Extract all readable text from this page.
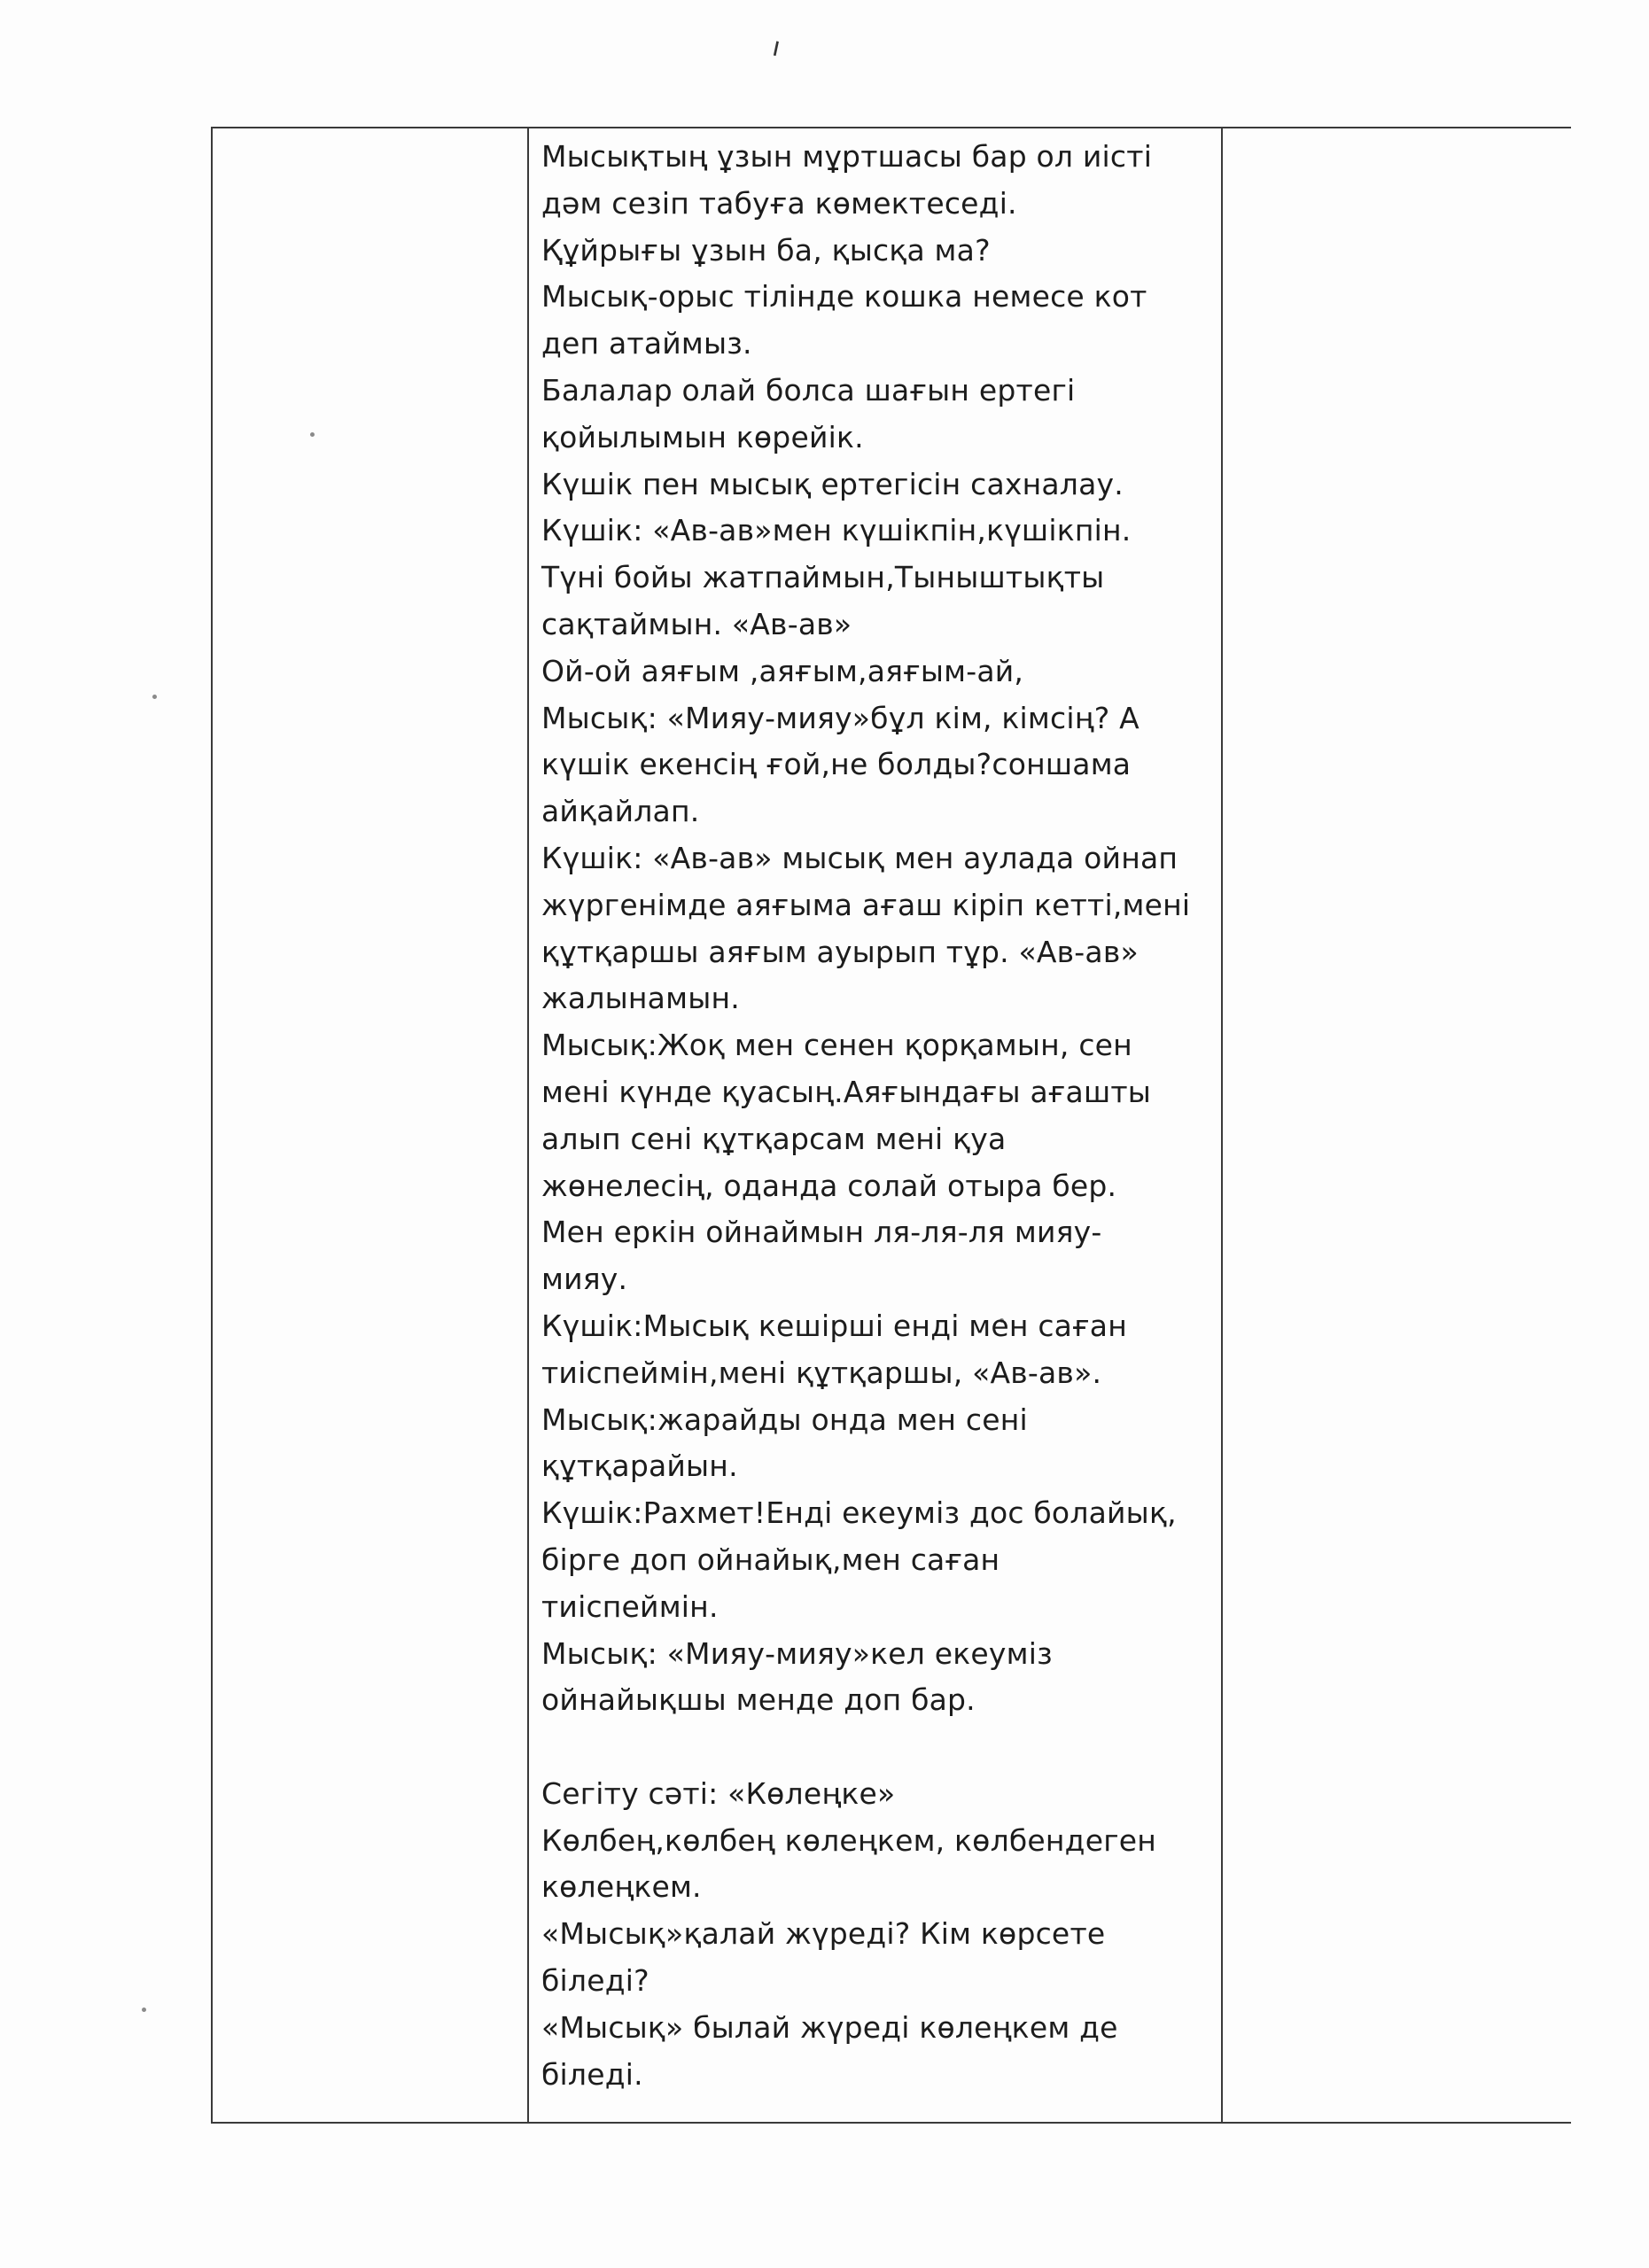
ı
Мысықтың ұзын мұртшасы бар ол иісті
дәм сезіп табуға көмектеседі.
Құйрығы ұзын ба, қысқа ма?
Мысық-орыс тілінде кошка немесе кот
деп атаймыз.
Балалар олай болса шағын ертегі
қойылымын көрейік.
Күшік пен мысық ертегісін сахналау.
Күшік: «Ав-ав»мен күшікпін,күшікпін.
Түні бойы жатпаймын,Тыныштықты
сақтаймын. «Ав-ав»
Ой-ой аяғым ,аяғым,аяғым-ай,
Мысық: «Мияу-мияу»бұл кім, кімсің? А
күшік екенсің ғой,не болды?соншама
айқайлап.
Күшік: «Ав-ав» мысық мен аулада ойнап
жүргенімде аяғыма ағаш кіріп кетті,мені
құтқаршы аяғым ауырып тұр. «Ав-ав»
жалынамын.
Мысық:Жоқ мен сенен қорқамын, сен
мені күнде қуасың.Аяғындағы ағашты
алып сені құтқарсам мені қуа
жөнелесің, оданда солай отыра бер.
Мен еркін ойнаймын ля-ля-ля мияу-
мияу.
Күшік:Мысық кешірші енді мен саған
тиіспеймін,мені құтқаршы, «Ав-ав».
Мысық:жарайды онда мен сені
құтқарайын.
Күшік:Рахмет!Енді екеуміз дос болайық,
бірге доп ойнайық,мен саған
тиіспеймін.
Мысық: «Мияу-мияу»кел екеуміз
ойнайықшы менде доп бар.
Сегіту сәті: «Көлеңке»
Көлбең,көлбең көлеңкем, көлбендеген
көлеңкем.
«Мысық»қалай жүреді? Кім көрсете
біледі?
«Мысық» былай жүреді көлеңкем де
біледі.
